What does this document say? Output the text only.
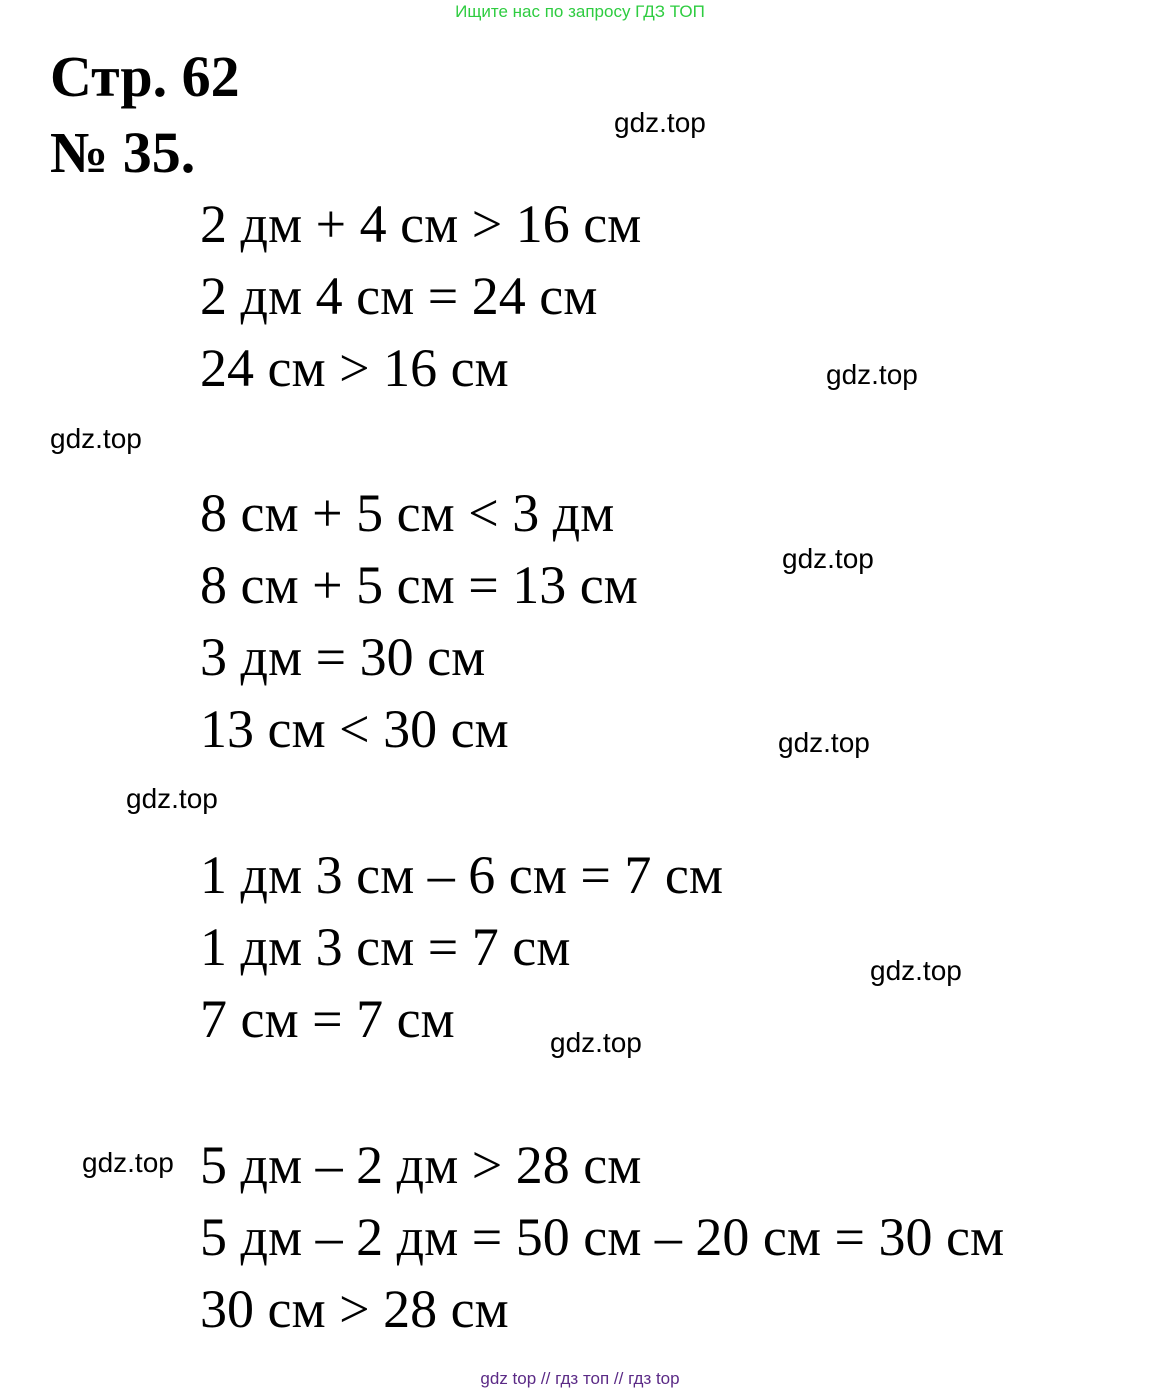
Ищите нас по запросу ГДЗ ТОП
Стр. 62
№ 35.
2 дм + 4 см > 16 см
2 дм 4 см = 24 см
24 см > 16 см
8 см + 5 см < 3 дм
8 см + 5 см = 13 см
3 дм = 30 см
13 см < 30 см
1 дм 3 см – 6 см = 7 см
1 дм 3 см = 7 см
7 см = 7 см
5 дм – 2 дм > 28 см
5 дм – 2 дм = 50 см – 20 см = 30 см
30 см > 28 см
gdz.top
gdz.top
gdz.top
gdz.top
gdz.top
gdz.top
gdz.top
gdz.top
gdz.top
gdz top // гдз топ // гдз top
